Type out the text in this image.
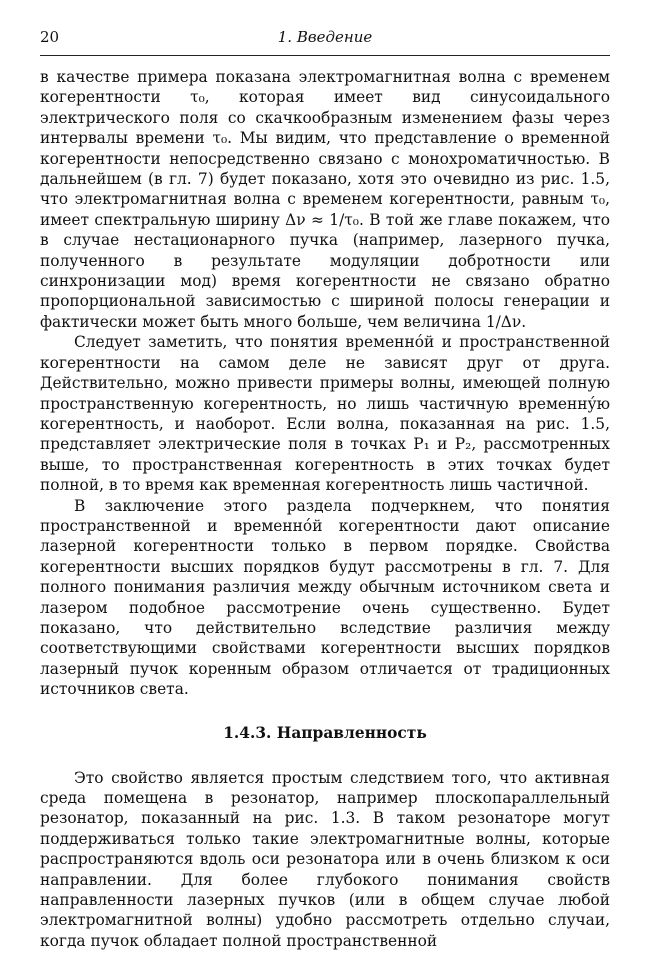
20	1. Введение

в качестве примера показана электромагнитная волна с временем когерентности τ₀, которая имеет вид синусоидального электрического поля со скачкообразным изменением фазы через интервалы времени τ₀. Мы видим, что представление о временной когерентности непосредственно связано с монохроматичностью. В дальнейшем (в гл. 7) будет показано, хотя это очевидно из рис. 1.5, что электромагнитная волна с временем когерентности, равным τ₀, имеет спектральную ширину Δν ≈ 1/τ₀. В той же главе покажем, что в случае нестационарного пучка (например, лазерного пучка, полученного в результате модуляции добротности или синхронизации мод) время когерентности не связано обратно пропорциональной зависимостью с шириной полосы генерации и фактически может быть много больше, чем величина 1/Δν.

Следует заметить, что понятия временно́й и пространственной когерентности на самом деле не зависят друг от друга. Действительно, можно привести примеры волны, имеющей полную пространственную когерентность, но лишь частичную временну́ю когерентность, и наоборот. Если волна, показанная на рис. 1.5, представляет электрические поля в точках P₁ и P₂, рассмотренных выше, то пространственная когерентность в этих точках будет полной, в то время как временная когерентность лишь частичной.

В заключение этого раздела подчеркнем, что понятия пространственной и временно́й когерентности дают описание лазерной когерентности только в первом порядке. Свойства когерентности высших порядков будут рассмотрены в гл. 7. Для полного понимания различия между обычным источником света и лазером подобное рассмотрение очень существенно. Будет показано, что действительно вследствие различия между соответствующими свойствами когерентности высших порядков лазерный пучок коренным образом отличается от традиционных источников света.

1.4.3. Направленность

Это свойство является простым следствием того, что активная среда помещена в резонатор, например плоскопараллельный резонатор, показанный на рис. 1.3. В таком резонаторе могут поддерживаться только такие электромагнитные волны, которые распространяются вдоль оси резонатора или в очень близком к оси направлении. Для более глубокого понимания свойств направленности лазерных пучков (или в общем случае любой электромагнитной волны) удобно рассмотреть отдельно случаи, когда пучок обладает полной пространственной
